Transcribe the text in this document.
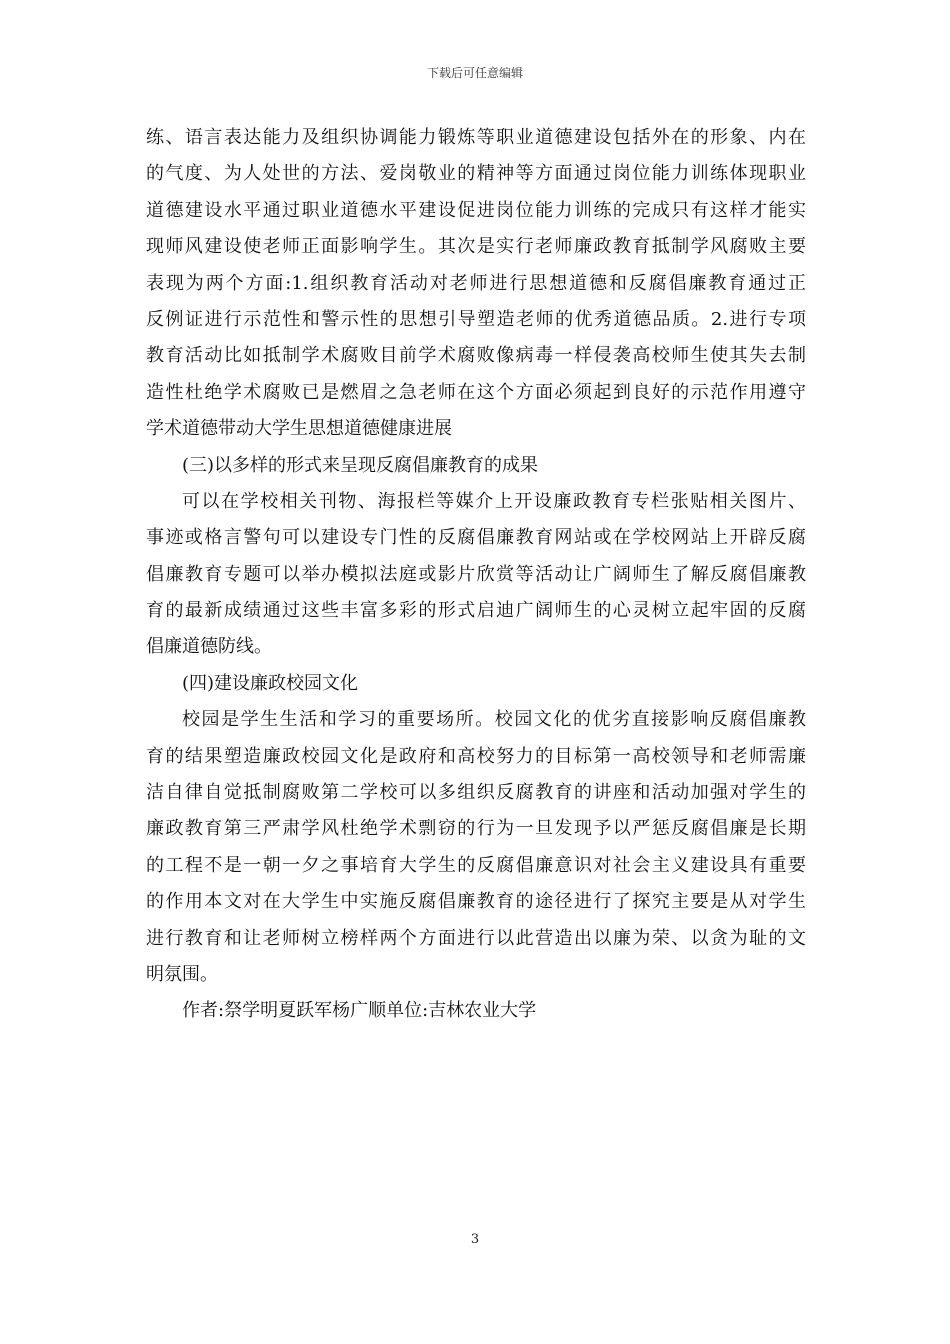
下载后可任意编辑
练、语言表达能力及组织协调能力锻炼等职业道德建设包括外在的形象、内在
的气度、为人处世的方法、爱岗敬业的精神等方面通过岗位能力训练体现职业
道德建设水平通过职业道德水平建设促进岗位能力训练的完成只有这样才能实
现师风建设使老师正面影响学生。其次是实行老师廉政教育抵制学风腐败主要
表现为两个方面:1.组织教育活动对老师进行思想道德和反腐倡廉教育通过正
反例证进行示范性和警示性的思想引导塑造老师的优秀道德品质。2.进行专项
教育活动比如抵制学术腐败目前学术腐败像病毒一样侵袭高校师生使其失去制
造性杜绝学术腐败已是燃眉之急老师在这个方面必须起到良好的示范作用遵守
学术道德带动大学生思想道德健康进展
(三)以多样的形式来呈现反腐倡廉教育的成果
可以在学校相关刊物、海报栏等媒介上开设廉政教育专栏张贴相关图片、
事迹或格言警句可以建设专门性的反腐倡廉教育网站或在学校网站上开辟反腐
倡廉教育专题可以举办模拟法庭或影片欣赏等活动让广阔师生了解反腐倡廉教
育的最新成绩通过这些丰富多彩的形式启迪广阔师生的心灵树立起牢固的反腐
倡廉道德防线。
(四)建设廉政校园文化
校园是学生生活和学习的重要场所。校园文化的优劣直接影响反腐倡廉教
育的结果塑造廉政校园文化是政府和高校努力的目标第一高校领导和老师需廉
洁自律自觉抵制腐败第二学校可以多组织反腐教育的讲座和活动加强对学生的
廉政教育第三严肃学风杜绝学术剽窃的行为一旦发现予以严惩反腐倡廉是长期
的工程不是一朝一夕之事培育大学生的反腐倡廉意识对社会主义建设具有重要
的作用本文对在大学生中实施反腐倡廉教育的途径进行了探究主要是从对学生
进行教育和让老师树立榜样两个方面进行以此营造出以廉为荣、以贪为耻的文
明氛围。
作者:祭学明夏跃军杨广顺单位:吉林农业大学
3
